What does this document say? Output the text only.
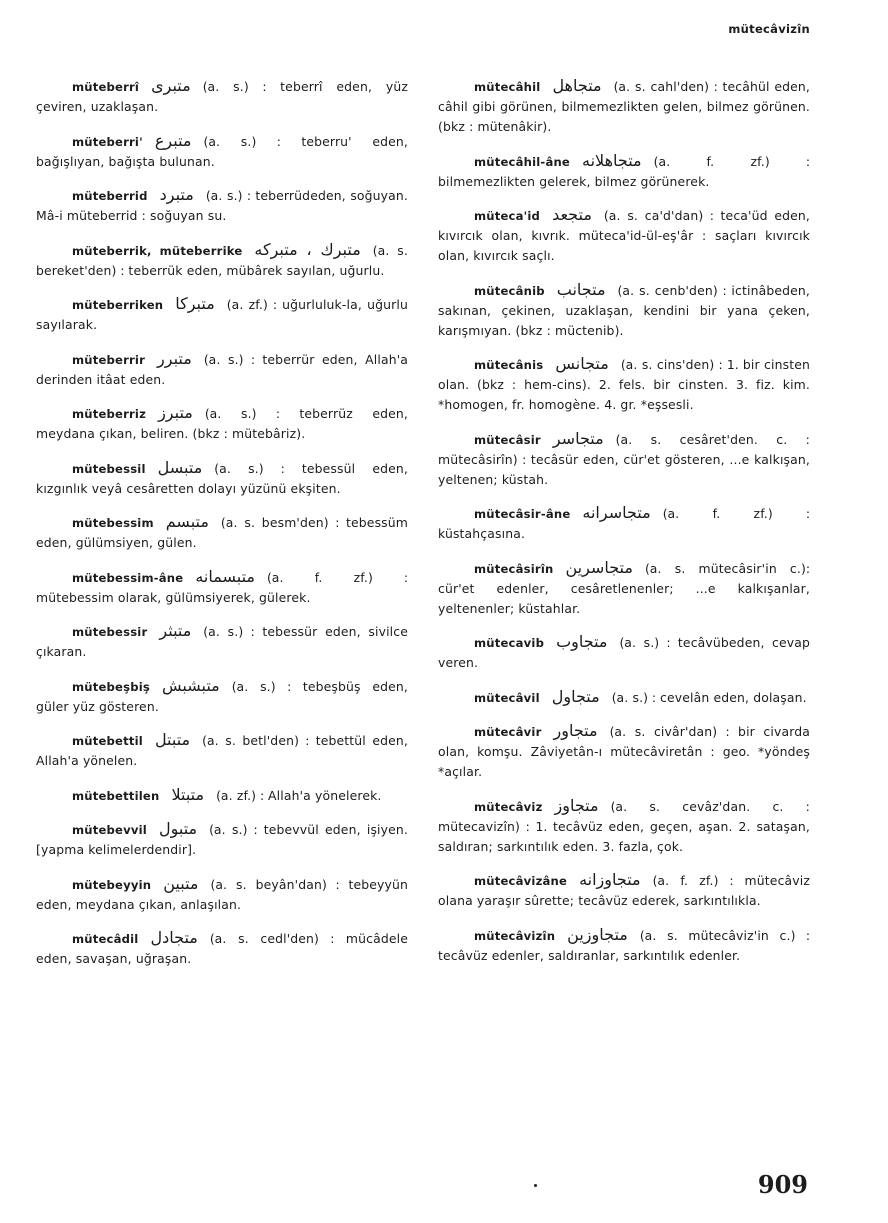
mütecâvizîn

müteberrî متبری (a. s.) : teberrî eden, yüz çeviren, uzaklaşan.

müteberri' متبرع (a. s.) : teberru' eden, bağışlıyan, bağışta bulunan.

müteberrid متبرد (a. s.) : teberrüdeden, soğuyan. Mâ-i müteberrid : soğuyan su.

müteberrik, müteberrike متبرك ، متبركه (a. s. bereket'den) : teberrük eden, mübârek sayılan, uğurlu.

müteberriken متبركا (a. zf.) : uğurluluk-la, uğurlu sayılarak.

müteberrir متبرر (a. s.) : teberrür eden, Allah'a derinden itâat eden.

müteberriz متبرز (a. s.) : teberrüz eden, meydana çıkan, beliren. (bkz : mütebâriz).

mütebessil متبسل (a. s.) : tebessül eden, kızgınlık veyâ cesâretten dolayı yüzünü ekşiten.

mütebessim متبسم (a. s. besm'den) : tebessüm eden, gülümsiyen, gülen.

mütebessim-âne متبسمانه (a. f. zf.) : mütebessim olarak, gülümsiyerek, gülerek.

mütebessir متبثر (a. s.) : tebessür eden, sivilce çıkaran.

mütebeşbiş متبشبش (a. s.) : tebeşbüş eden, güler yüz gösteren.

mütebettil متبتل (a. s. betl'den) : tebettül eden, Allah'a yönelen.

mütebettilen متبتلا (a. zf.) : Allah'a yönelerek.

mütebevvil متبول (a. s.) : tebevvül eden, işiyen. [yapma kelimelerdendir].

mütebeyyin متبين (a. s. beyân'dan) : tebeyyün eden, meydana çıkan, anlaşılan.

mütecâdil متجادل (a. s. cedl'den) : mücâdele eden, savaşan, uğraşan.

mütecâhil متجاهل (a. s. cahl'den) : tecâhül eden, câhil gibi görünen, bilmemezlikten gelen, bilmez görünen. (bkz : mütenâkir).

mütecâhil-âne متجاهلانه (a. f. zf.) : bilmemezlikten gelerek, bilmez görünerek.

müteca'id متجعد (a. s. ca'd'dan) : teca'üd eden, kıvırcık olan, kıvrık. müteca'id-ül-eş'âr : saçları kıvırcık olan, kıvırcık saçlı.

mütecânib متجانب (a. s. cenb'den) : ictinâbeden, sakınan, çekinen, uzaklaşan, kendini bir yana çeken, karışmıyan. (bkz : müctenib).

mütecânis متجانس (a. s. cins'den) : 1. bir cinsten olan. (bkz : hem-cins). 2. fels. bir cinsten. 3. fiz. kim. *homogen, fr. homogène. 4. gr. *eşsesli.

mütecâsir متجاسر (a. s. cesâret'den. c. : mütecâsirîn) : tecâsür eden, cür'et gösteren, ...e kalkışan, yeltenen; küstah.

mütecâsir-âne متجاسرانه (a. f. zf.) : küstahçasına.

mütecâsirîn متجاسرين (a. s. mütecâsir'in c.): cür'et edenler, cesâretlenenler; ...e kalkışanlar, yeltenenler; küstahlar.

mütecavib متجاوب (a. s.) : tecâvübeden, cevap veren.

mütecâvil متجاول (a. s.) : cevelân eden, dolaşan.

mütecâvir متجاور (a. s. civâr'dan) : bir civarda olan, komşu. Zâviyetân-ı mütecâviretân : geo. *yöndeş *açılar.

mütecâviz متجاوز (a. s. cevâz'dan. c. : mütecavizîn) : 1. tecâvüz eden, geçen, aşan. 2. sataşan, saldıran; sarkıntılık eden. 3. fazla, çok.

mütecâvizâne متجاوزانه (a. f. zf.) : mütecâviz olana yaraşır sûrette; tecâvüz ederek, sarkıntılıkla.

mütecâvizîn متجاوزين (a. s. mütecâviz'in c.) : tecâvüz edenler, saldıranlar, sarkıntılık edenler.

909
